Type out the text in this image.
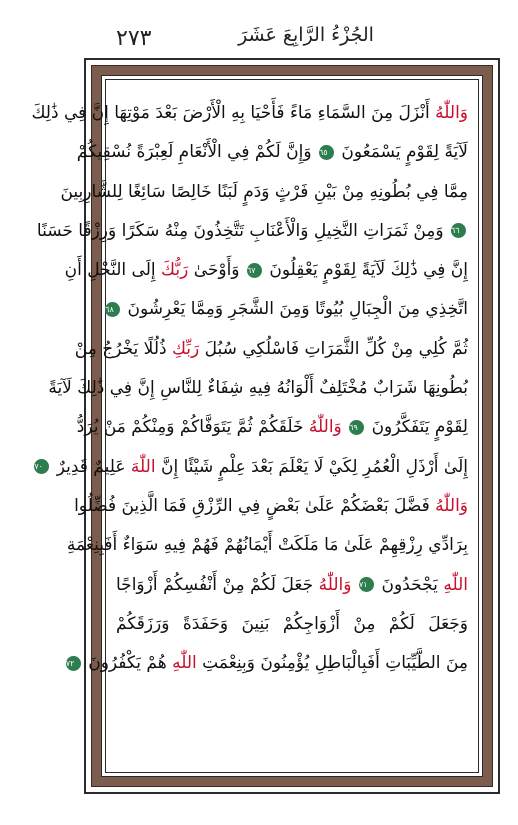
٢٧٣	الجُزْءُ الرَّابِعَ عَشَرَ
وَاللّٰهُ أَنْزَلَ مِنَ السَّمَاءِ مَاءً فَأَحْيَا بِهِ الْأَرْضَ بَعْدَ مَوْتِهَا إِنَّ فِي ذَٰلِكَ
لَآيَةً لِقَوْمٍ يَسْمَعُونَ ٦٥ وَإِنَّ لَكُمْ فِي الْأَنْعَامِ لَعِبْرَةً نُسْقِيكُمْ
مِمَّا فِي بُطُونِهِ مِنْ بَيْنِ فَرْثٍ وَدَمٍ لَبَنًا خَالِصًا سَائِغًا لِلشَّارِبِينَ
٦٦ وَمِنْ ثَمَرَاتِ النَّخِيلِ وَالْأَعْنَابِ تَتَّخِذُونَ مِنْهُ سَكَرًا وَرِزْقًا حَسَنًا
إِنَّ فِي ذَٰلِكَ لَآيَةً لِقَوْمٍ يَعْقِلُونَ ٦٧ وَأَوْحَىٰ رَبُّكَ إِلَى النَّحْلِ أَنِ
اتَّخِذِي مِنَ الْجِبَالِ بُيُوتًا وَمِنَ الشَّجَرِ وَمِمَّا يَعْرِشُونَ ٦٨
ثُمَّ كُلِي مِنْ كُلِّ الثَّمَرَاتِ فَاسْلُكِي سُبُلَ رَبِّكِ ذُلُلًا يَخْرُجُ مِنْ
بُطُونِهَا شَرَابٌ مُخْتَلِفٌ أَلْوَانُهُ فِيهِ شِفَاءٌ لِلنَّاسِ إِنَّ فِي ذَٰلِكَ لَآيَةً
لِقَوْمٍ يَتَفَكَّرُونَ ٦٩ وَاللّٰهُ خَلَقَكُمْ ثُمَّ يَتَوَفَّاكُمْ وَمِنْكُمْ مَنْ يُرَدُّ
إِلَىٰ أَرْذَلِ الْعُمُرِ لِكَيْ لَا يَعْلَمَ بَعْدَ عِلْمٍ شَيْئًا إِنَّ اللّٰهَ عَلِيمٌ قَدِيرٌ ٧٠
وَاللّٰهُ فَضَّلَ بَعْضَكُمْ عَلَىٰ بَعْضٍ فِي الرِّزْقِ فَمَا الَّذِينَ فُضِّلُوا
بِرَادِّي رِزْقِهِمْ عَلَىٰ مَا مَلَكَتْ أَيْمَانُهُمْ فَهُمْ فِيهِ سَوَاءٌ أَفَبِنِعْمَةِ
اللّٰهِ يَجْحَدُونَ ٧١ وَاللّٰهُ جَعَلَ لَكُمْ مِنْ أَنْفُسِكُمْ أَزْوَاجًا
وَجَعَلَ لَكُمْ مِنْ أَزْوَاجِكُمْ بَنِينَ وَحَفَدَةً وَرَزَقَكُمْ
مِنَ الطَّيِّبَاتِ أَفَبِالْبَاطِلِ يُؤْمِنُونَ وَبِنِعْمَتِ اللّٰهِ هُمْ يَكْفُرُونَ ٧٢
